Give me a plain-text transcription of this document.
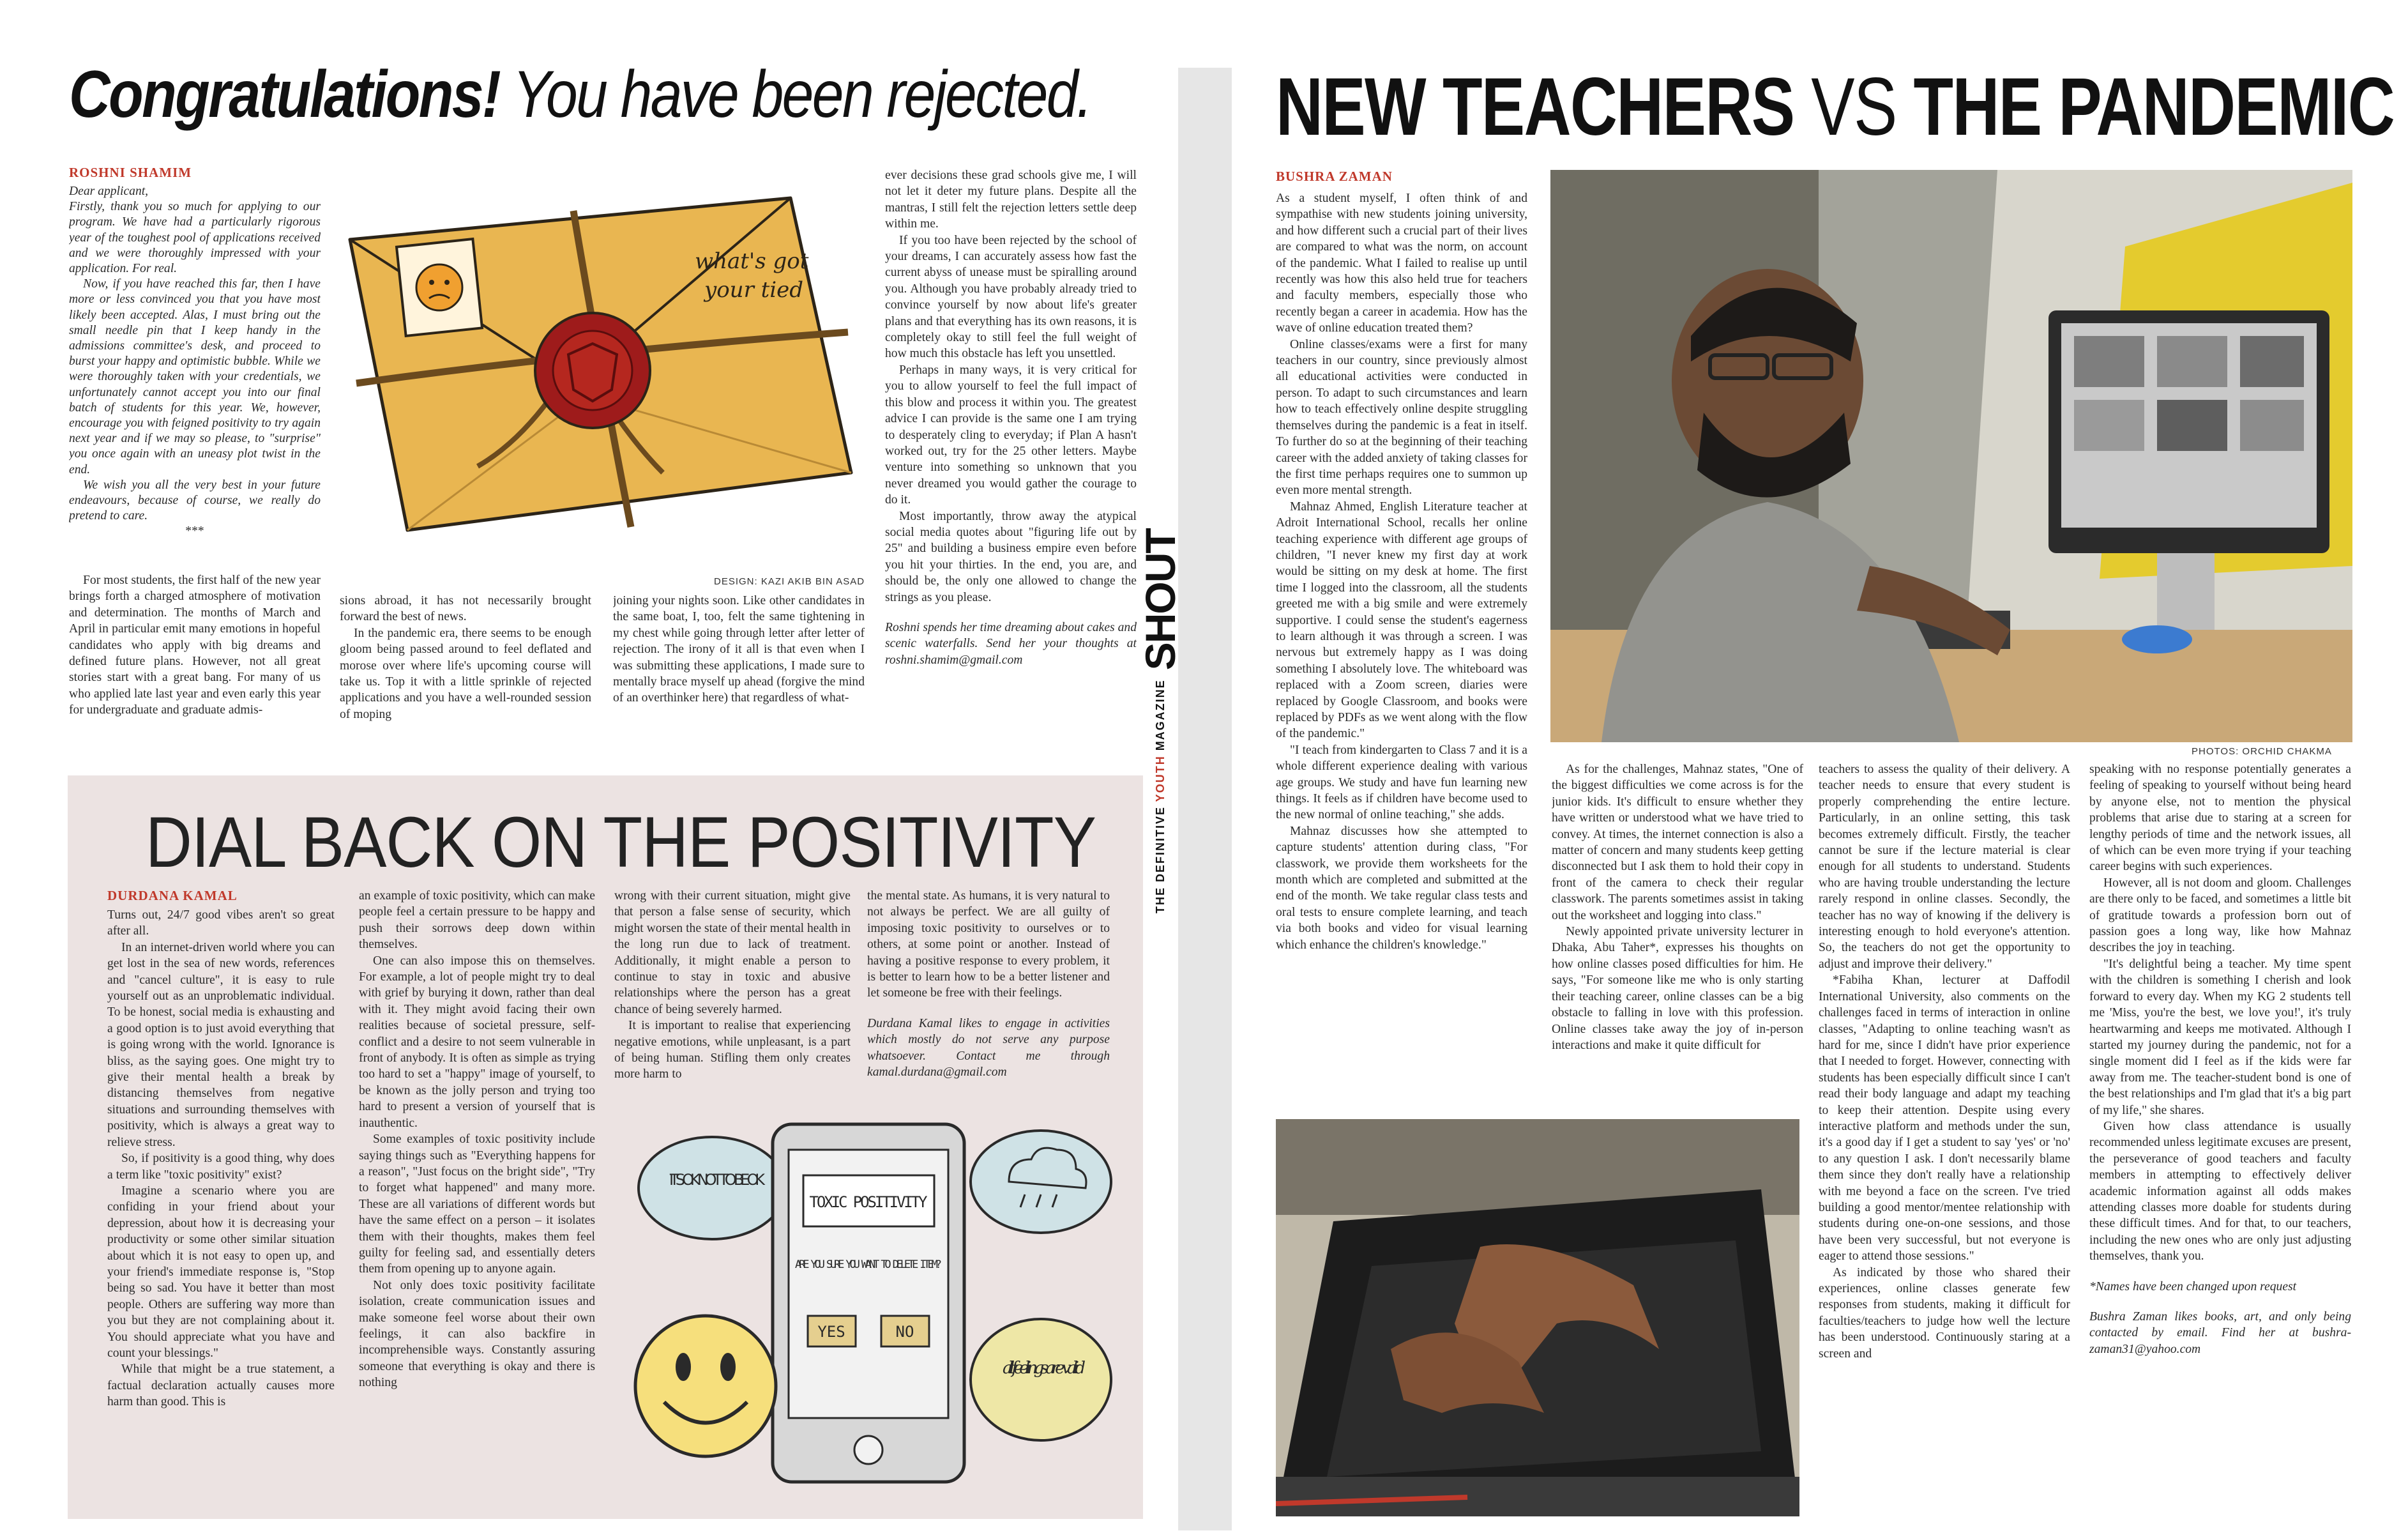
Congratulations! You have been rejected.
ROSHNI SHAMIM

Dear applicant,

Firstly, thank you so much for applying to our program. We have had a particularly rigorous year of the toughest pool of applications received and we were thoroughly impressed with your application. For real.

Now, if you have reached this far, then I have more or less convinced you that you have most likely been accepted. Alas, I must bring out the small needle pin that I keep handy in the admissions committee's desk, and proceed to burst your happy and optimistic bubble. While we were thoroughly taken with your credentials, we unfortunately cannot accept you into our final batch of students for this year. We, however, encourage you with feigned positivity to try again next year and if we may so please, to "surprise" you once again with an uneasy plot twist in the end.

We wish you all the very best in your future endeavours, because of course, we really do pretend to care.

***

what's got
your tied
DESIGN: KAZI AKIB BIN ASAD

For most students, the first half of the new year brings forth a charged atmosphere of motivation and determination. The months of March and April in particular emit many emotions in hopeful candidates who apply with big dreams and defined future plans. However, not all great stories start with a great bang. For many of us who applied late last year and even early this year for undergraduate and graduate admis-

sions abroad, it has not necessarily brought forward the best of news.

In the pandemic era, there seems to be enough gloom being passed around to feel deflated and morose over where life's upcoming course will take us. Top it with a little sprinkle of rejected applications and you have a well-rounded session of moping

joining your nights soon. Like other candidates in the same boat, I, too, felt the same tightening in my chest while going through letter after letter of rejection. The irony of it all is that even when I was submitting these applications, I made sure to mentally brace myself up ahead (forgive the mind of an overthinker here) that regardless of what-

ever decisions these grad schools give me, I will not let it deter my future plans. Despite all the mantras, I still felt the rejection letters settle deep within me.

If you too have been rejected by the school of your dreams, I can accurately assess how fast the current abyss of unease must be spiralling around you. Although you have probably already tried to convince yourself by now about life's greater plans and that everything has its own reasons, it is completely okay to still feel the full weight of how much this obstacle has left you unsettled.

Perhaps in many ways, it is very critical for you to allow yourself to feel the full impact of this blow and process it within you. The greatest advice I can provide is the same one I am trying to desperately cling to everyday; if Plan A hasn't worked out, try for the 25 other letters. Maybe venture into something so unknown that you never dreamed you would gather the courage to do it.

Most importantly, throw away the atypical social media quotes about "figuring life out by 25" and building a business empire even before you hit your thirties. In the end, you are, and should be, the only one allowed to change the strings as you please.

Roshni spends her time dreaming about cakes and scenic waterfalls. Send her your thoughts at roshni.shamim@gmail.com

DIAL BACK ON THE POSITIVITY
DURDANA KAMAL

Turns out, 24/7 good vibes aren't so great after all.

In an internet-driven world where you can get lost in the sea of new words, references and "cancel culture", it is easy to rule yourself out as an unproblematic individual. To be honest, social media is exhausting and a good option is to just avoid everything that is going wrong with the world. Ignorance is bliss, as the saying goes. One might try to give their mental health a break by distancing themselves from negative situations and surrounding themselves with positivity, which is always a great way to relieve stress.

So, if positivity is a good thing, why does a term like "toxic positivity" exist?

Imagine a scenario where you are confiding in your friend about your depression, about how it is decreasing your productivity or some other similar situation about which it is not easy to open up, and your friend's immediate response is, "Stop being so sad. You have it better than most people. Others are suffering way more than you but they are not complaining about it. You should appreciate what you have and count your blessings."

While that might be a true statement, a factual declaration actually causes more harm than good. This is

an example of toxic positivity, which can make people feel a certain pressure to be happy and push their sorrows deep down within themselves.

One can also impose this on themselves. For example, a lot of people might try to deal with grief by burying it down, rather than deal with it. They might avoid facing their own realities because of societal pressure, self-conflict and a desire to not seem vulnerable in front of anybody. It is often as simple as trying too hard to set a "happy" image of yourself, to be known as the jolly person and trying too hard to present a version of yourself that is inauthentic.

Some examples of toxic positivity include saying things such as "Everything happens for a reason", "Just focus on the bright side", "Try to forget what happened" and many more. These are all variations of different words but have the same effect on a person – it isolates them with their thoughts, makes them feel guilty for feeling sad, and essentially deters them from opening up to anyone again.

Not only does toxic positivity facilitate isolation, create communication issues and make someone feel worse about their own feelings, it can also backfire in incomprehensible ways. Constantly assuring someone that everything is okay and there is nothing

wrong with their current situation, might give that person a false sense of security, which might worsen the state of their mental health in the long run due to lack of treatment. Additionally, it might enable a person to continue to stay in toxic and abusive relationships where the person has a great chance of being severely harmed.

It is important to realise that experiencing negative emotions, while unpleasant, is a part of being human. Stifling them only creates more harm to

the mental state. As humans, it is very natural to not always be perfect. We are all guilty of imposing toxic positivity to ourselves or to others, at some point or another. Instead of having a positive response to every problem, it is better to learn how to be a better listener and let someone be free with their feelings.

Durdana Kamal likes to engage in activities which mostly do not serve any purpose whatsoever. Contact me through kamal.durdana@gmail.com

IT'S OK NOT TO BE OK
TOXIC POSITIVITY
ARE YOU SURE YOU WANT TO DELETE ITEM?
YES	NO
all feelings are valid
THE DEFINITIVE YOUTH MAGAZINE
SHOUT
NEW TEACHERS VS THE PANDEMIC
BUSHRA ZAMAN

As a student myself, I often think of and sympathise with new students joining university, and how different such a crucial part of their lives are compared to what was the norm, on account of the pandemic. What I failed to realise up until recently was how this also held true for teachers and faculty members, especially those who recently began a career in academia. How has the wave of online education treated them?

Online classes/exams were a first for many teachers in our country, since previously almost all educational activities were conducted in person. To adapt to such circumstances and learn how to teach effectively online despite struggling themselves during the pandemic is a feat in itself. To further do so at the beginning of their teaching career with the added anxiety of taking classes for the first time perhaps requires one to summon up even more mental strength.

Mahnaz Ahmed, English Literature teacher at Adroit International School, recalls her online teaching experience with different age groups of children, "I never knew my first day at work would be sitting on my desk at home. The first time I logged into the classroom, all the students greeted me with a big smile and were extremely supportive. I could sense the student's eagerness to learn although it was through a screen. I was nervous but extremely happy as I was doing something I absolutely love. The whiteboard was replaced with a Zoom screen, diaries were replaced by Google Classroom, and books were replaced by PDFs as we went along with the flow of the pandemic."

"I teach from kindergarten to Class 7 and it is a whole different experience dealing with various age groups. We study and have fun learning new things. It feels as if children have become used to the new normal of online teaching," she adds.

Mahnaz discusses how she attempted to capture students' attention during class, "For classwork, we provide them worksheets for the month which are completed and submitted at the end of the month. We take regular class tests and oral tests to ensure complete learning, and teach via both books and video for visual learning which enhance the children's knowledge."

PHOTOS: ORCHID CHAKMA

As for the challenges, Mahnaz states, "One of the biggest difficulties we come across is for the junior kids. It's difficult to ensure whether they have written or understood what we have tried to convey. At times, the internet connection is also a matter of concern and many students keep getting disconnected but I ask them to hold their copy in front of the camera to check their regular classwork. The parents sometimes assist in taking out the worksheet and logging into class."

Newly appointed private university lecturer in Dhaka, Abu Taher*, expresses his thoughts on how online classes posed difficulties for him. He says, "For someone like me who is only starting their teaching career, online classes can be a big obstacle to falling in love with this profession. Online classes take away the joy of in-person interactions and make it quite difficult for

teachers to assess the quality of their delivery. A teacher needs to ensure that every student is properly comprehending the entire lecture. Particularly, in an online setting, this task becomes extremely difficult. Firstly, the teacher cannot be sure if the lecture material is clear enough for all students to understand. Students who are having trouble understanding the lecture rarely respond in online classes. Secondly, the teacher has no way of knowing if the delivery is interesting enough to hold everyone's attention. So, the teachers do not get the opportunity to adjust and improve their delivery."

*Fabiha Khan, lecturer at Daffodil International University, also comments on the challenges faced in terms of interaction in online classes, "Adapting to online teaching wasn't as hard for me, since I didn't have prior experience that I needed to forget. However, connecting with students has been especially difficult since I can't read their body language and adapt my teaching to keep their attention. Despite using every interactive platform and methods under the sun, it's a good day if I get a student to say 'yes' or 'no' to any question I ask. I don't necessarily blame them since they don't really have a relationship with me beyond a face on the screen. I've tried building a good mentor/mentee relationship with students during one-on-one sessions, and those have been very successful, but not everyone is eager to attend those sessions."

As indicated by those who shared their experiences, online classes generate few responses from students, making it difficult for faculties/teachers to judge how well the lecture has been understood. Continuously staring at a screen and

speaking with no response potentially generates a feeling of speaking to yourself without being heard by anyone else, not to mention the physical problems that arise due to staring at a screen for lengthy periods of time and the network issues, all of which can be even more trying if your teaching career begins with such experiences.

However, all is not doom and gloom. Challenges are there only to be faced, and sometimes a little bit of gratitude towards a profession born out of passion goes a long way, like how Mahnaz describes the joy in teaching.

"It's delightful being a teacher. My time spent with the children is something I cherish and look forward to every day. When my KG 2 students tell me 'Miss, you're the best, we love you!', it's truly heartwarming and keeps me motivated. Although I started my journey during the pandemic, not for a single moment did I feel as if the kids were far away from me. The teacher-student bond is one of the best relationships and I'm glad that it's a big part of my life," she shares.

Given how class attendance is usually recommended unless legitimate excuses are present, the perseverance of good teachers and faculty members in attempting to effectively deliver academic information against all odds makes attending classes more doable for students during these difficult times. And for that, to our teachers, including the new ones who are only just adjusting themselves, thank you.

*Names have been changed upon request

Bushra Zaman likes books, art, and only being contacted by email. Find her at bushra-zaman31@yahoo.com
